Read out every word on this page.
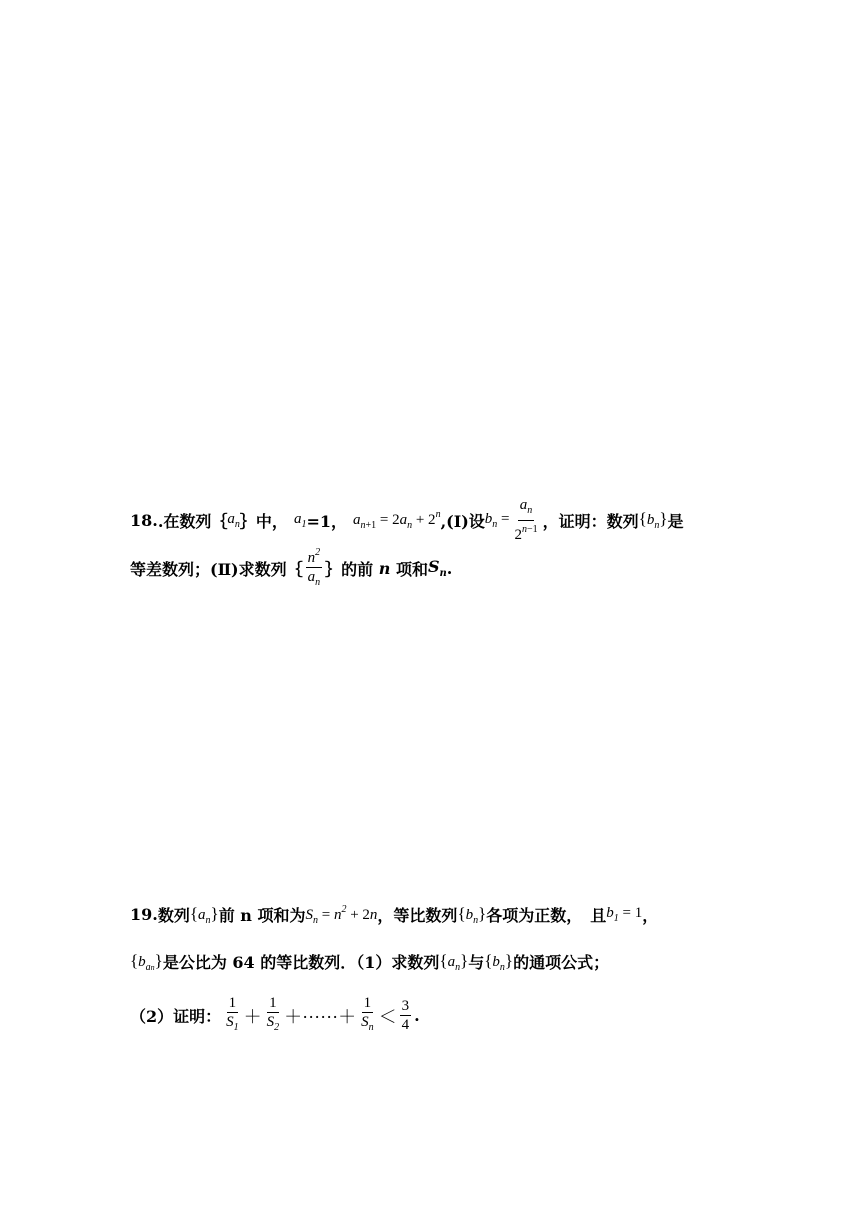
18. .在数列｛ $a_n$ ｝中， $a_1 =1$， $a_{n+1} = 2a_n + 2^n$ ,(Ⅰ)设 $b_n = \frac{a_n}{2^{n-1}}$ ，证明：数列 $\{b_n\}$ 是
等差数列；(Ⅱ)求数列｛ $\frac{n^2}{a_n}$ ｝的前 n 项和 $S_n$ .
19. 数列 $\{a_n\}$ 前 n 项和为 $S_n = n^2 + 2n$ ，等比数列 $\{b_n\}$ 各项为正数，　且 $b_1 = 1$ ，
$\{b_{an}\}$ 是公比为 64 的等比数列．（1）求数列 $\{a_n\}$ 与 $\{b_n\}$ 的通项公式；
（2）证明： $\frac{1}{S_1} + \frac{1}{S_2}$ ＋······＋ $\frac{1}{S_n} < \frac{3}{4}$ .
